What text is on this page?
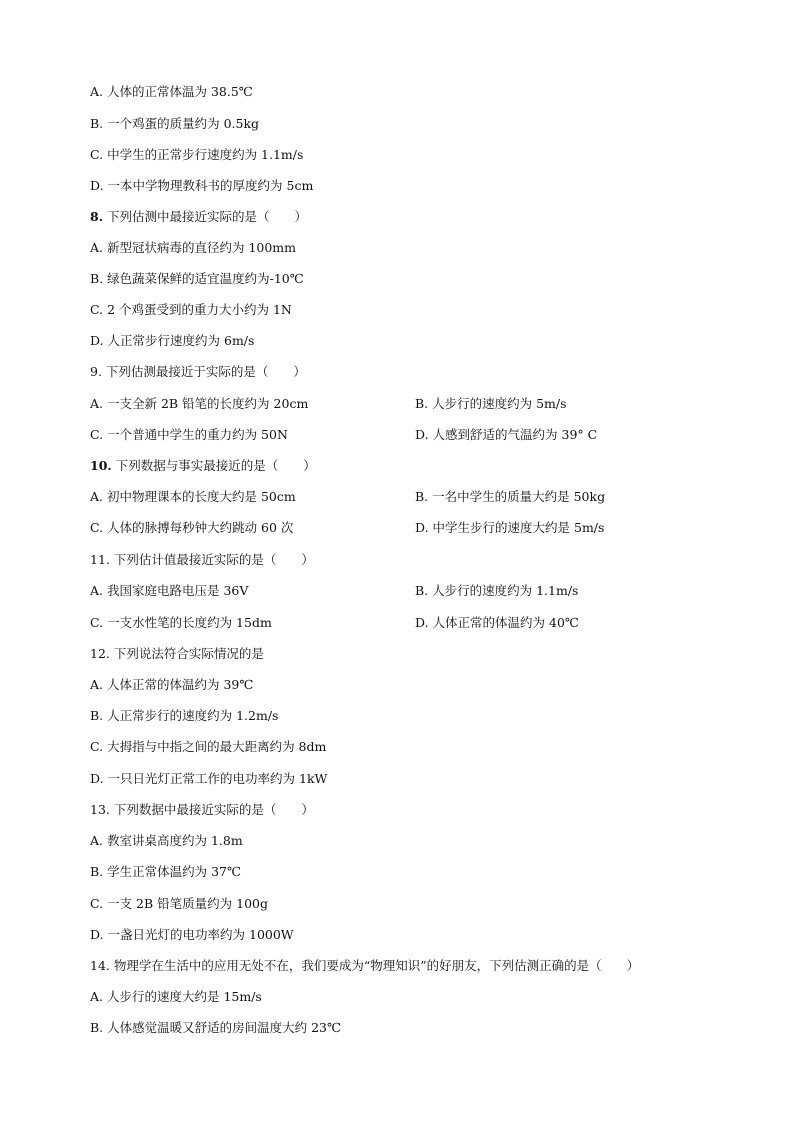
A. 人体的正常体温为 38.5℃
B. 一个鸡蛋的质量约为 0.5kg
C. 中学生的正常步行速度约为 1.1m/s
D. 一本中学物理教科书的厚度约为 5cm
8. 下列估测中最接近实际的是（　　）
A. 新型冠状病毒的直径约为 100mm
B. 绿色蔬菜保鲜的适宜温度约为-10℃
C. 2 个鸡蛋受到的重力大小约为 1N
D. 人正常步行速度约为 6m/s
9. 下列估测最接近于实际的是（　　）
A. 一支全新 2B 铅笔的长度约为 20cm	B. 人步行的速度约为 5m/s
C. 一个普通中学生的重力约为 50N	D. 人感到舒适的气温约为 39° C
10. 下列数据与事实最接近的是（　　）
A. 初中物理课本的长度大约是 50cm	B. 一名中学生的质量大约是 50kg
C. 人体的脉搏每秒钟大约跳动 60 次	D. 中学生步行的速度大约是 5m/s
11. 下列估计值最接近实际的是（　　）
A. 我国家庭电路电压是 36V	B. 人步行的速度约为 1.1m/s
C. 一支水性笔的长度约为 15dm	D. 人体正常的体温约为 40℃
12. 下列说法符合实际情况的是
A. 人体正常的体温约为 39℃
B. 人正常步行的速度约为 1.2m/s
C. 大拇指与中指之间的最大距离约为 8dm
D. 一只日光灯正常工作的电功率约为 1kW
13. 下列数据中最接近实际的是（　　）
A. 教室讲桌高度约为 1.8m
B. 学生正常体温约为 37℃
C. 一支 2B 铅笔质量约为 100g
D. 一盏日光灯的电功率约为 1000W
14. 物理学在生活中的应用无处不在，我们要成为“物理知识”的好朋友，下列估测正确的是（　　）
A. 人步行的速度大约是 15m/s
B. 人体感觉温暖又舒适的房间温度大约 23℃
